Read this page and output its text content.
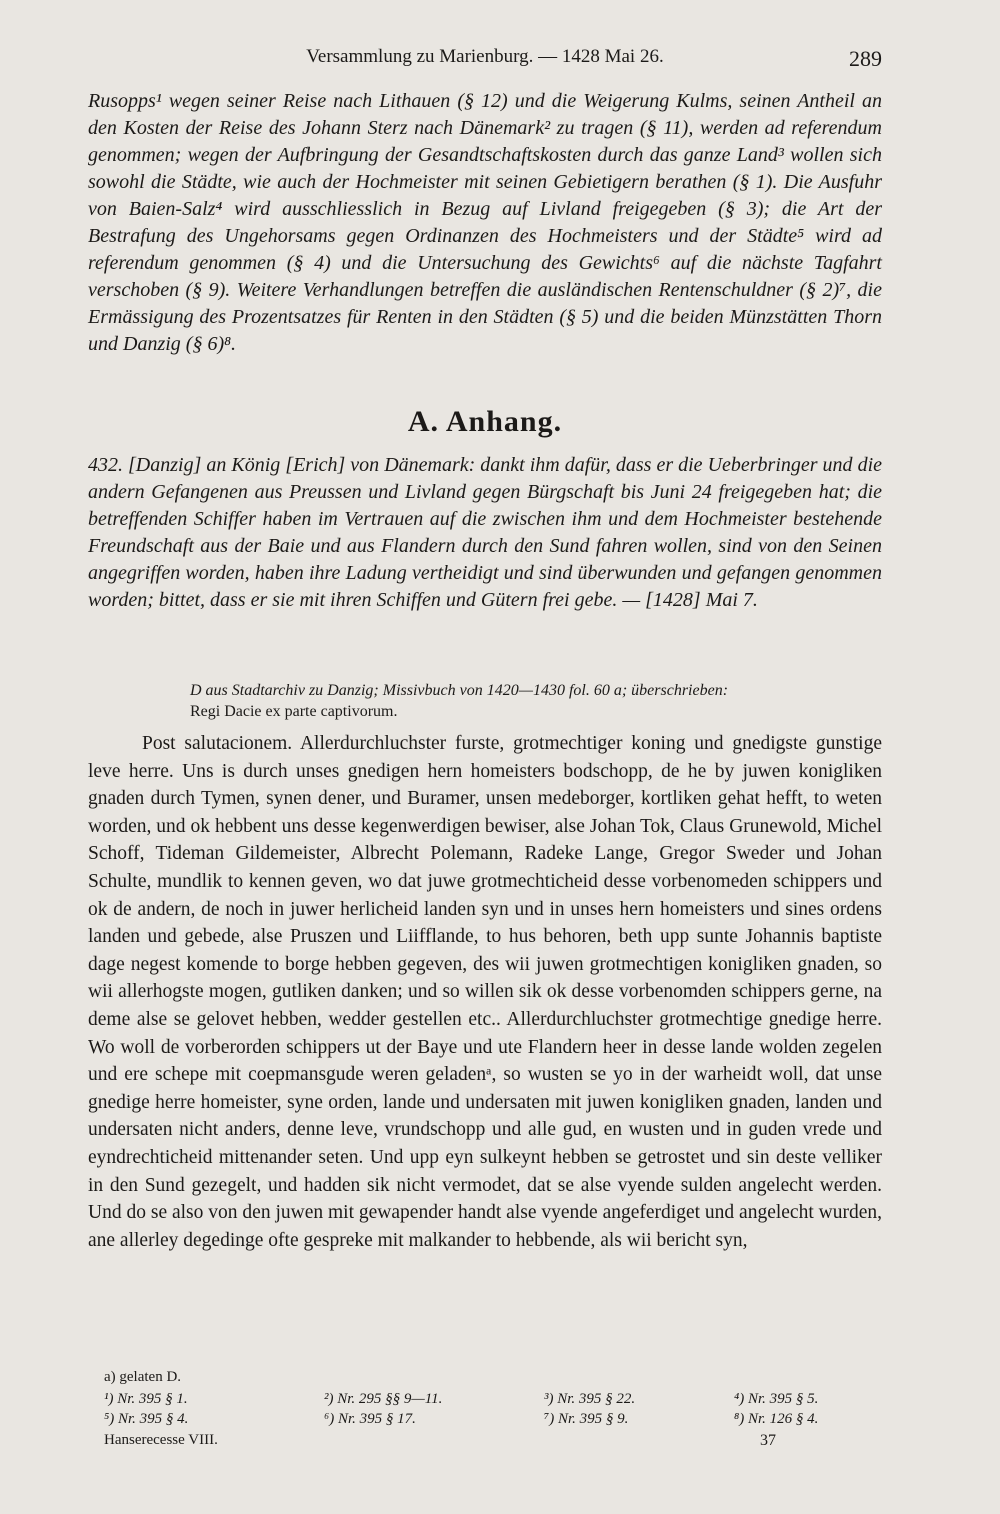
Versammlung zu Marienburg. — 1428 Mai 26.	289
Rusopps¹ wegen seiner Reise nach Lithauen (§ 12) und die Weigerung Kulms, seinen Antheil an den Kosten der Reise des Johann Sterz nach Dänemark² zu tragen (§ 11), werden ad referendum genommen; wegen der Aufbringung der Gesandtschaftskosten durch das ganze Land³ wollen sich sowohl die Städte, wie auch der Hochmeister mit seinen Gebietigern berathen (§ 1). Die Ausfuhr von Baien-Salz⁴ wird ausschliesslich in Bezug auf Livland freigegeben (§ 3); die Art der Bestrafung des Ungehorsams gegen Ordinanzen des Hochmeisters und der Städte⁵ wird ad referendum genommen (§ 4) und die Untersuchung des Gewichts⁶ auf die nächste Tagfahrt verschoben (§ 9). Weitere Verhandlungen betreffen die ausländischen Rentenschuldner (§ 2)⁷, die Ermässigung des Prozentsatzes für Renten in den Städten (§ 5) und die beiden Münzstätten Thorn und Danzig (§ 6)⁸.
A. Anhang.
432. [Danzig] an König [Erich] von Dänemark: dankt ihm dafür, dass er die Ueberbringer und die andern Gefangenen aus Preussen und Livland gegen Bürgschaft bis Juni 24 freigegeben hat; die betreffenden Schiffer haben im Vertrauen auf die zwischen ihm und dem Hochmeister bestehende Freundschaft aus der Baie und aus Flandern durch den Sund fahren wollen, sind von den Seinen angegriffen worden, haben ihre Ladung vertheidigt und sind überwunden und gefangen genommen worden; bittet, dass er sie mit ihren Schiffen und Gütern frei gebe. — [1428] Mai 7.
D aus Stadtarchiv zu Danzig; Missivbuch von 1420—1430 fol. 60 a; überschrieben:
Regi Dacie ex parte captivorum.

Post salutacionem. Allerdurchluchster furste, grotmechtiger koning und gnedigste gunstige leve herre. Uns is durch unses gnedigen hern homeisters bodschopp, de he by juwen konigliken gnaden durch Tymen, synen dener, und Buramer, unsen medeborger, kortliken gehat hefft, to weten worden, und ok hebbent uns desse kegenwerdigen bewiser, alse Johan Tok, Claus Grunewold, Michel Schoff, Tideman Gildemeister, Albrecht Polemann, Radeke Lange, Gregor Sweder und Johan Schulte, mundlik to kennen geven, wo dat juwe grotmechticheid desse vorbenomeden schippers und ok de andern, de noch in juwer herlicheid landen syn und in unses hern homeisters und sines ordens landen und gebede, alse Pruszen und Liifflande, to hus behoren, beth upp sunte Johannis baptiste dage negest komende to borge hebben gegeven, des wii juwen grotmechtigen konigliken gnaden, so wii allerhogste mogen, gutliken danken; und so willen sik ok desse vorbenomden schippers gerne, na deme alse se gelovet hebben, wedder gestellen etc.. Allerdurchluchster grotmechtige gnedige herre. Wo woll de vorberorden schippers ut der Baye und ute Flandern heer in desse lande wolden zegelen und ere schepe mit coepmansgude weren geladenᵃ, so wusten se yo in der warheidt woll, dat unse gnedige herre homeister, syne orden, lande und undersaten mit juwen konigliken gnaden, landen und undersaten nicht anders, denne leve, vrundschopp und alle gud, en wusten und in guden vrede und eyndrechticheid mittenander seten. Und upp eyn sulkeynt hebben se getrostet und sin deste velliker in den Sund gezegelt, und hadden sik nicht vermodet, dat se alse vyende sulden angelecht werden. Und do se also von den juwen mit gewapender handt alse vyende angeferdiget und angelecht wurden, ane allerley degedinge ofte gespreke mit malkander to hebbende, als wii bericht syn,

a) gelaten D.
¹) Nr. 395 § 1.	²) Nr. 295 §§ 9—11.	³) Nr. 395 § 22.	⁴) Nr. 395 § 5.
⁵) Nr. 395 § 4.	⁶) Nr. 395 § 17.	⁷) Nr. 395 § 9.	⁸) Nr. 126 § 4.
Hanserecesse VIII.	37
